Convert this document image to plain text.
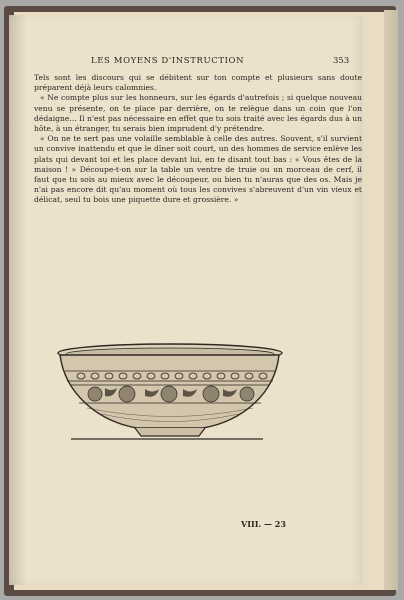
LES MOYENS D'INSTRUCTION	353

Tels sont les discours qui se débitent sur ton compte et plusieurs sans doute préparent déjà leurs calomnies.

« Ne compte plus sur les honneurs, sur les égards d'autrefois ; si quelque nouveau venu se présente, on te place par derrière, on te relègue dans un coin que l'on dédaigne... Il n'est pas nécessaire en effet que tu sois traité avec les égards dus à un hôte, à un étranger, tu serais bien imprudent d'y prétendre.

« On ne te sert pas une volaille semblable à celle des autres. Souvent, s'il survient un convive inattendu et que le dîner soit court, un des hommes de service enlève les plats qui devant toi et les place devant lui, en te disant tout bas : « Vous êtes de la maison ! » Découpe-t-on sur la table un ventre de truie ou un morceau de cerf, il faut que tu sois au mieux avec le découpeur, ou bien tu n'auras que des os. Mais je n'ai pas encore dit qu'au moment où tous les convives s'abreuvent d'un vin vieux et délicat, seul tu bois une piquette dure et grossière. »

VIII. — 23
